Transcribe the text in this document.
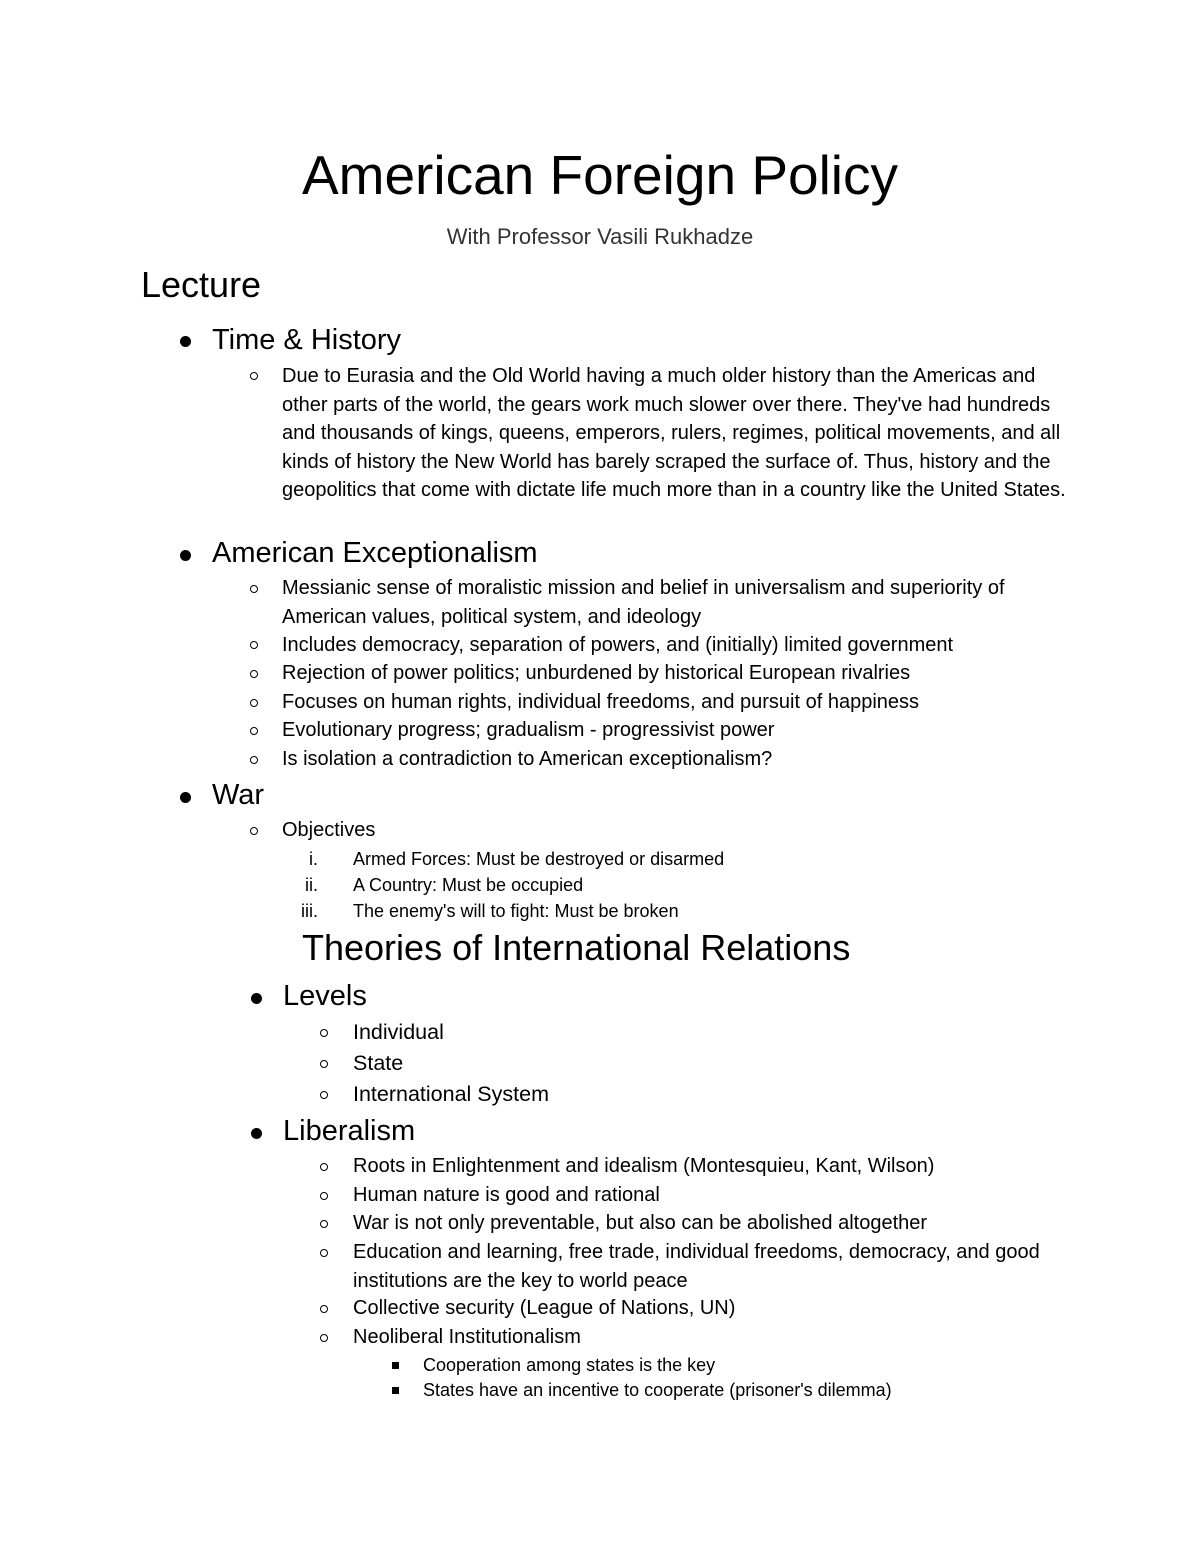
American Foreign Policy
With Professor Vasili Rukhadze
Lecture
Time & History
Due to Eurasia and the Old World having a much older history than the Americas and other parts of the world, the gears work much slower over there. They've had hundreds and thousands of kings, queens, emperors, rulers, regimes, political movements, and all kinds of history the New World has barely scraped the surface of. Thus, history and the geopolitics that come with dictate life much more than in a country like the United States.
American Exceptionalism
Messianic sense of moralistic mission and belief in universalism and superiority of American values, political system, and ideology
Includes democracy, separation of powers, and (initially) limited government
Rejection of power politics; unburdened by historical European rivalries
Focuses on human rights, individual freedoms, and pursuit of happiness
Evolutionary progress; gradualism - progressivist power
Is isolation a contradiction to American exceptionalism?
War
Objectives
i. Armed Forces: Must be destroyed or disarmed
ii. A Country: Must be occupied
iii. The enemy's will to fight: Must be broken
Theories of International Relations
Levels
Individual
State
International System
Liberalism
Roots in Enlightenment and idealism (Montesquieu, Kant, Wilson)
Human nature is good and rational
War is not only preventable, but also can be abolished altogether
Education and learning, free trade, individual freedoms, democracy, and good institutions are the key to world peace
Collective security (League of Nations, UN)
Neoliberal Institutionalism
Cooperation among states is the key
States have an incentive to cooperate (prisoner's dilemma)
